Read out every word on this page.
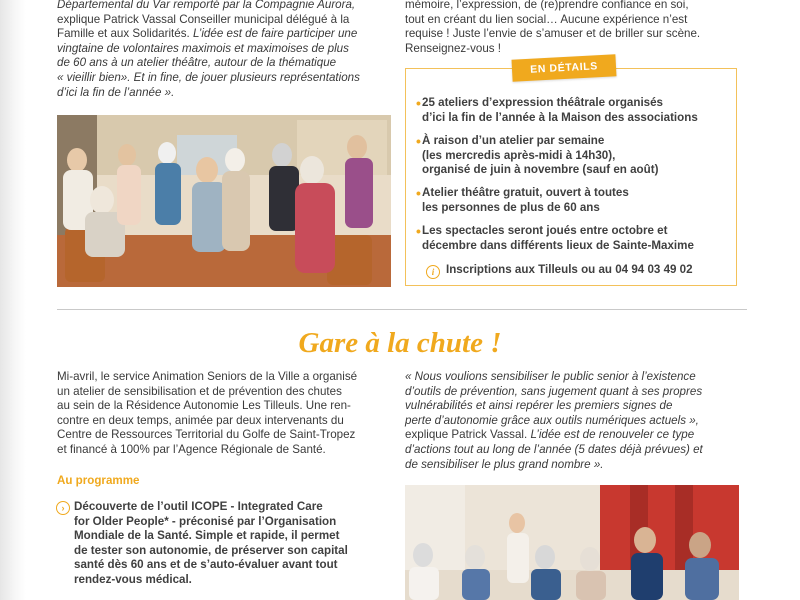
Départemental du Var remporté par la Compagnie Aurora,

explique Patrick Vassal Conseiller municipal délégué à la

Famille et aux Solidarités. L’idée est de faire participer une

vingtaine de volontaires maximois et maximoises de plus

de 60 ans à un atelier théâtre, autour de la thématique

« vieillir bien». Et in fine, de jouer plusieurs représentations

d’ici la fin de l’année ».

mémoire, l’expression, de (re)prendre confiance en soi,

tout en créant du lien social… Aucune expérience n’est

requise ! Juste l’envie de s’amuser et de briller sur scène.

Renseignez-vous !

EN DÉTAILS
• 25 ateliers d’expression théâtrale organisés
d’ici la fin de l’année à la Maison des associations
• À raison d’un atelier par semaine
(les mercredis après-midi à 14h30),
organisé de juin à novembre (sauf en août)
• Atelier théâtre gratuit, ouvert à toutes
les personnes de plus de 60 ans
• Les spectacles seront joués entre octobre et
décembre dans différents lieux de Sainte-Maxime
i Inscriptions aux Tilleuls ou au 04 94 03 49 02
Gare à la chute !

Mi-avril, le service Animation Seniors de la Ville a organisé

un atelier de sensibilisation et de prévention des chutes

au sein de la Résidence Autonomie Les Tilleuls. Une ren-

contre en deux temps, animée par deux intervenants du

Centre de Ressources Territorial du Golfe de Saint-Tropez

et financé à 100% par l’Agence Régionale de Santé.

« Nous voulions sensibiliser le public senior à l’existence

d’outils de prévention, sans jugement quant à ses propres

vulnérabilités et ainsi repérer les premiers signes de

perte d’autonomie grâce aux outils numériques actuels »,

explique Patrick Vassal. L’idée est de renouveler ce type

d’actions tout au long de l’année (5 dates déjà prévues) et

de sensibiliser le plus grand nombre ».

Au programme
› Découverte de l’outil ICOPE - Integrated Care
for Older People* - préconisé par l’Organisation
Mondiale de la Santé. Simple et rapide, il permet
de tester son autonomie, de préserver son capital
santé dès 60 ans et de s’auto-évaluer avant tout
rendez-vous médical.
